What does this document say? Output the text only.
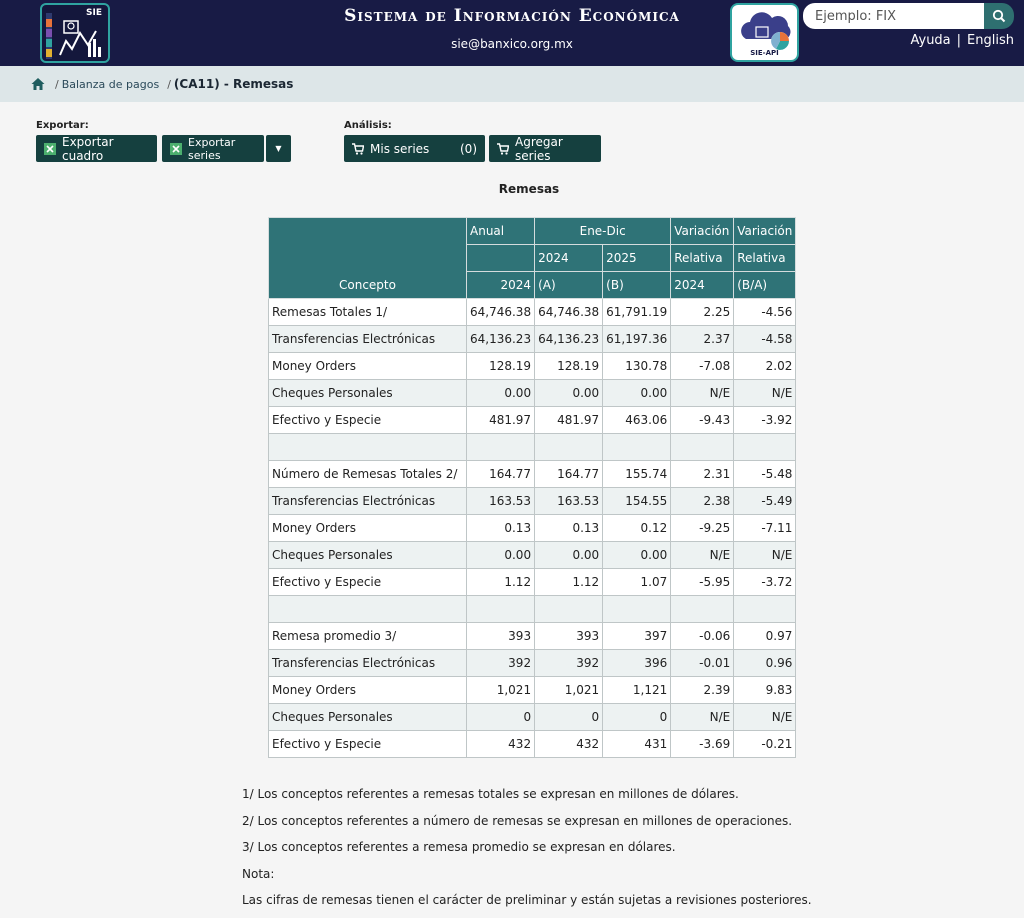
SIE	Sistema de Información Económica
sie@banxico.org.mx
SIE-API
Ejemplo: FIX
Ayuda | English
/ Balanza de pagos / (CA11) - Remesas
Exportar:
Exportar cuadro
Exportar series	▼
Análisis:
Mis series	(0)	Agregar series
Remesas
Concepto	Anual	Ene-Dic		Variación	Variación
		2024	2025	Relativa	Relativa
	2024	(A)	(B)	2024	(B/A)
Remesas Totales 1/	64,746.38	64,746.38	61,791.19	2.25	-4.56
Transferencias Electrónicas	64,136.23	64,136.23	61,197.36	2.37	-4.58
Money Orders	128.19	128.19	130.78	-7.08	2.02
Cheques Personales	0.00	0.00	0.00	N/E	N/E
Efectivo y Especie	481.97	481.97	463.06	-9.43	-3.92

Número de Remesas Totales 2/	164.77	164.77	155.74	2.31	-5.48
Transferencias Electrónicas	163.53	163.53	154.55	2.38	-5.49
Money Orders	0.13	0.13	0.12	-9.25	-7.11
Cheques Personales	0.00	0.00	0.00	N/E	N/E
Efectivo y Especie	1.12	1.12	1.07	-5.95	-3.72

Remesa promedio 3/	393	393	397	-0.06	0.97
Transferencias Electrónicas	392	392	396	-0.01	0.96
Money Orders	1,021	1,021	1,121	2.39	9.83
Cheques Personales	0	0	0	N/E	N/E
Efectivo y Especie	432	432	431	-3.69	-0.21

1/ Los conceptos referentes a remesas totales se expresan en millones de dólares.

2/ Los conceptos referentes a número de remesas se expresan en millones de operaciones.

3/ Los conceptos referentes a remesa promedio se expresan en dólares.

Nota:

Las cifras de remesas tienen el carácter de preliminar y están sujetas a revisiones posteriores.
